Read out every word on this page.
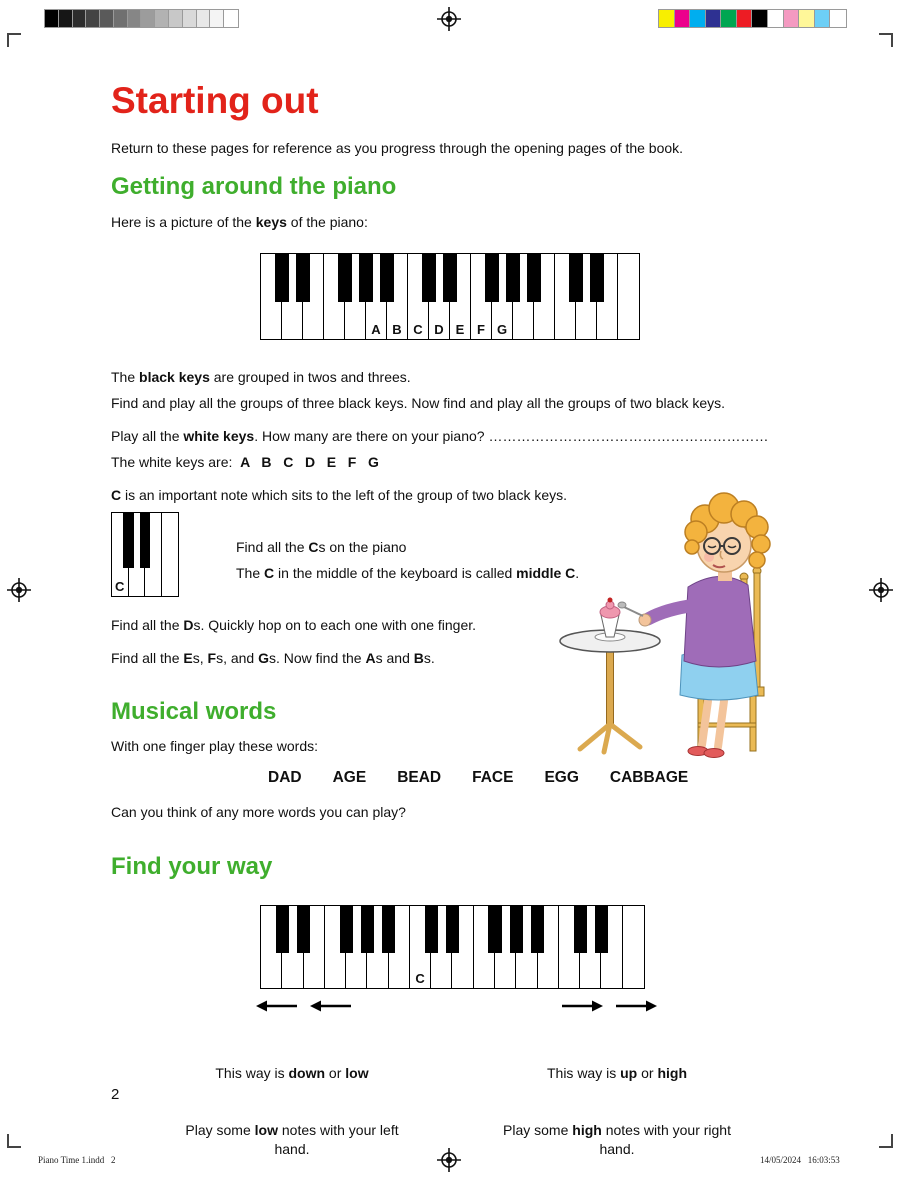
Starting out

Return to these pages for reference as you progress through the opening pages of the book.

Getting around the piano

Here is a picture of the keys of the piano:

A B C D E F G

The black keys are grouped in twos and threes.

Find and play all the groups of three black keys. Now find and play all the groups of two black keys.

Play all the white keys. How many are there on your piano? ……………………………………………………

The white keys are:  A   B   C   D   E   F   G

C is an important note which sits to the left of the group of two black keys.

C

Find all the Cs on the piano

The C in the middle of the keyboard is called middle C.

Find all the Ds. Quickly hop on to each one with one finger.

Find all the Es, Fs, and Gs. Now find the As and Bs.

Musical words

With one finger play these words:

DAD AGE BEAD FACE EGG CABBAGE

Can you think of any more words you can play?

Find your way
C

This way is down or low

Play some low notes with your left hand.

This way is up or high

Play some high notes with your right hand.

2
Piano Time 1.indd   2	14/05/2024   16:03:53
